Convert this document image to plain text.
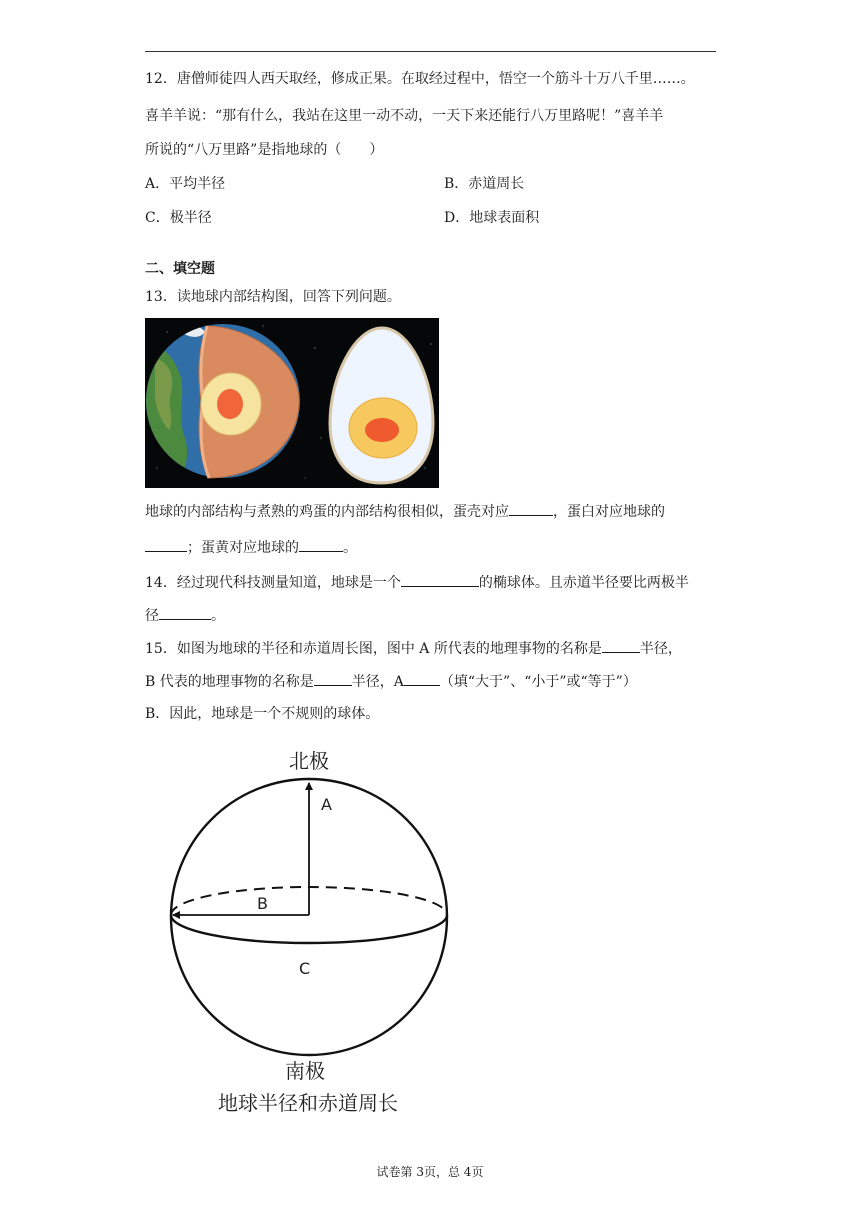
12．唐僧师徒四人西天取经，修成正果。在取经过程中，悟空一个筋斗十万八千里……。
喜羊羊说：“那有什么，我站在这里一动不动，一天下来还能行八万里路呢！”喜羊羊
所说的“八万里路”是指地球的（　　）
A．平均半径	B．赤道周长
C．极半径	D．地球表面积
二、填空题
13．读地球内部结构图，回答下列问题。
地球的内部结构与煮熟的鸡蛋的内部结构很相似，蛋壳对应	，蛋白对应地球的
；蛋黄对应地球的	。
14．经过现代科技测量知道，地球是一个	的椭球体。且赤道半径要比两极半
径	。
15．如图为地球的半径和赤道周长图，图中 A 所代表的地理事物的名称是	半径，
B 代表的地理事物的名称是	半径，A	（填“大于”、“小于”或“等于”）
B．因此，地球是一个不规则的球体。
北极
A
B
C
南极
地球半径和赤道周长
试卷第 3页，总 4页
